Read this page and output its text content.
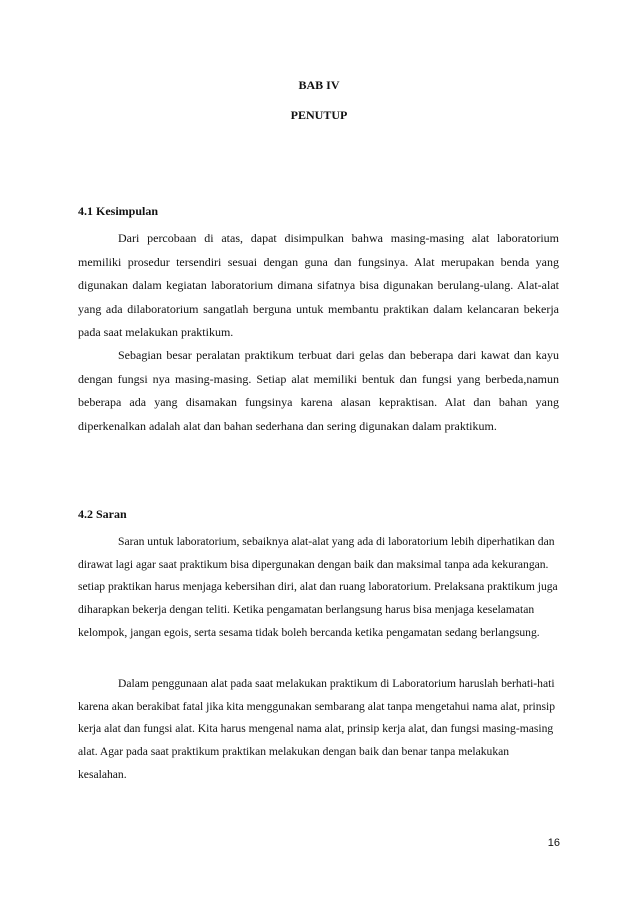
BAB IV
PENUTUP
4.1 Kesimpulan

Dari percobaan di atas, dapat disimpulkan bahwa masing-masing alat laboratorium memiliki prosedur tersendiri sesuai dengan guna dan fungsinya. Alat merupakan benda yang digunakan dalam kegiatan laboratorium dimana sifatnya bisa digunakan berulang-ulang. Alat-alat yang ada dilaboratorium sangatlah berguna untuk membantu praktikan dalam kelancaran bekerja pada saat melakukan praktikum.

Sebagian besar peralatan praktikum terbuat dari gelas dan beberapa dari kawat dan kayu dengan fungsi nya masing-masing. Setiap alat memiliki bentuk dan fungsi yang berbeda,namun beberapa ada yang disamakan fungsinya karena alasan kepraktisan. Alat dan bahan yang diperkenalkan adalah alat dan bahan sederhana dan sering digunakan dalam praktikum.

4.2 Saran

Saran untuk laboratorium, sebaiknya alat-alat yang ada di laboratorium lebih diperhatikan dan dirawat lagi agar saat praktikum bisa dipergunakan dengan baik dan maksimal tanpa ada kekurangan. setiap praktikan harus menjaga kebersihan diri, alat dan ruang laboratorium. Prelaksana praktikum juga diharapkan bekerja dengan teliti. Ketika pengamatan berlangsung harus bisa menjaga keselamatan kelompok, jangan egois, serta sesama tidak boleh bercanda ketika pengamatan sedang berlangsung.

Dalam penggunaan alat pada saat melakukan praktikum di Laboratorium haruslah berhati-hati karena akan berakibat fatal jika kita menggunakan sembarang alat tanpa mengetahui nama alat, prinsip kerja alat dan fungsi alat. Kita harus mengenal nama alat, prinsip kerja alat, dan fungsi masing-masing alat. Agar pada saat praktikum praktikan melakukan dengan baik dan benar tanpa melakukan kesalahan.

16
